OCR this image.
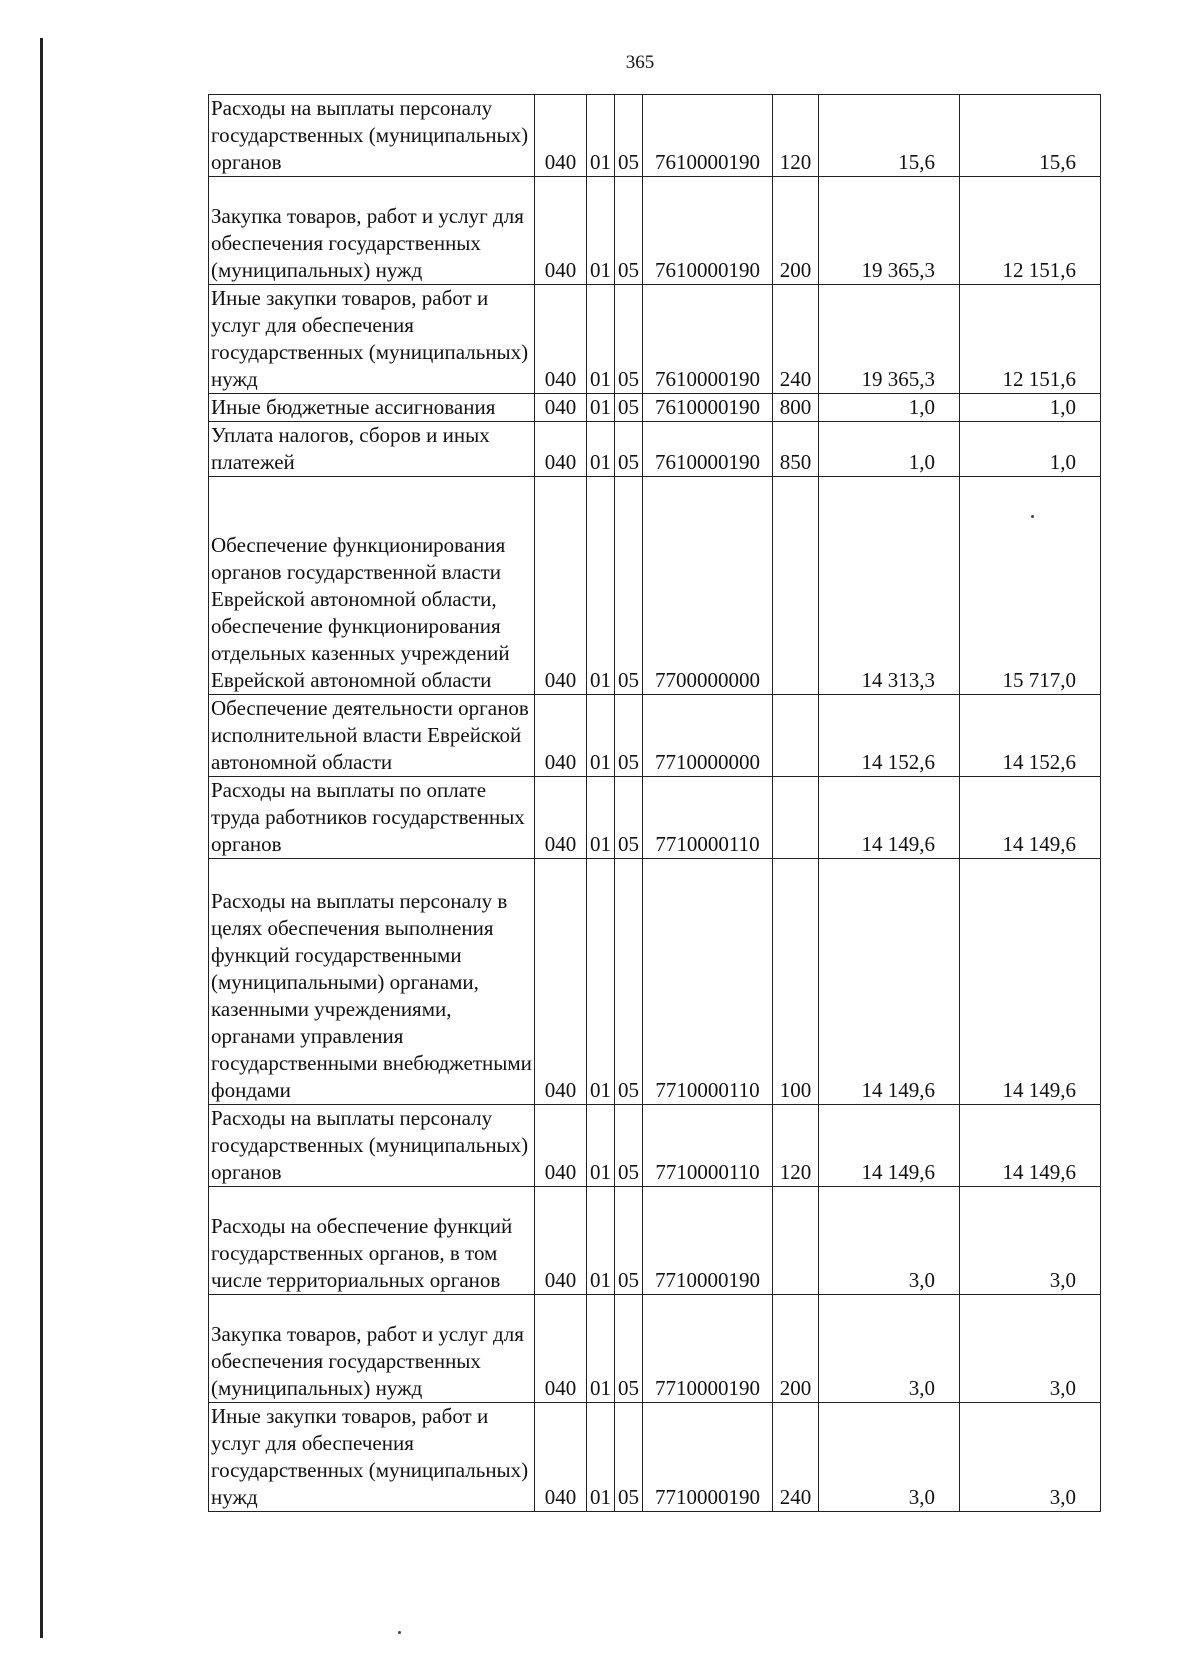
365
Расходы на выплаты персоналу государственных (муниципальных) органов	040	01	05	7610000190	120	15,6	15,6
Закупка товаров, работ и услуг для обеспечения государственных (муниципальных) нужд	040	01	05	7610000190	200	19 365,3	12 151,6
Иные закупки товаров, работ и услуг для обеспечения государственных (муниципальных) нужд	040	01	05	7610000190	240	19 365,3	12 151,6
Иные бюджетные ассигнования	040	01	05	7610000190	800	1,0	1,0
Уплата налогов, сборов и иных платежей	040	01	05	7610000190	850	1,0	1,0
Обеспечение функционирования органов государственной власти Еврейской автономной области, обеспечение функционирования отдельных казенных учреждений Еврейской автономной области	040	01	05	7700000000		14 313,3	15 717,0
Обеспечение деятельности органов исполнительной власти Еврейской автономной области	040	01	05	7710000000		14 152,6	14 152,6
Расходы на выплаты по оплате труда работников государственных органов	040	01	05	7710000110		14 149,6	14 149,6
Расходы на выплаты персоналу в целях обеспечения выполнения функций государственными (муниципальными) органами, казенными учреждениями, органами управления государственными внебюджетными фондами	040	01	05	7710000110	100	14 149,6	14 149,6
Расходы на выплаты персоналу государственных (муниципальных) органов	040	01	05	7710000110	120	14 149,6	14 149,6
Расходы на обеспечение функций государственных органов, в том числе территориальных органов	040	01	05	7710000190		3,0	3,0
Закупка товаров, работ и услуг для обеспечения государственных (муниципальных) нужд	040	01	05	7710000190	200	3,0	3,0
Иные закупки товаров, работ и услуг для обеспечения государственных (муниципальных) нужд	040	01	05	7710000190	240	3,0	3,0
